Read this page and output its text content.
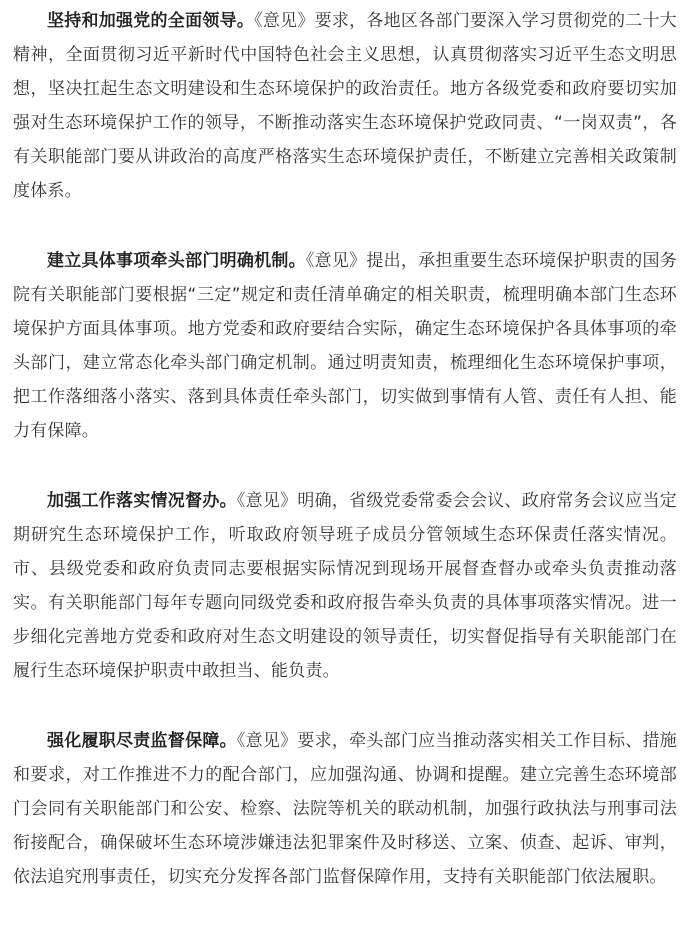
坚持和加强党的全面领导。《意见》要求，各地区各部门要深入学习贯彻党的二十大精神，全面贯彻习近平新时代中国特色社会主义思想，认真贯彻落实习近平生态文明思想，坚决扛起生态文明建设和生态环境保护的政治责任。地方各级党委和政府要切实加强对生态环境保护工作的领导，不断推动落实生态环境保护党政同责、“一岗双责”，各有关职能部门要从讲政治的高度严格落实生态环境保护责任，不断建立完善相关政策制度体系。

建立具体事项牵头部门明确机制。《意见》提出，承担重要生态环境保护职责的国务院有关职能部门要根据“三定”规定和责任清单确定的相关职责，梳理明确本部门生态环境保护方面具体事项。地方党委和政府要结合实际，确定生态环境保护各具体事项的牵头部门，建立常态化牵头部门确定机制。通过明责知责，梳理细化生态环境保护事项，把工作落细落小落实、落到具体责任牵头部门，切实做到事情有人管、责任有人担、能力有保障。

加强工作落实情况督办。《意见》明确，省级党委常委会会议、政府常务会议应当定期研究生态环境保护工作，听取政府领导班子成员分管领域生态环保责任落实情况。市、县级党委和政府负责同志要根据实际情况到现场开展督查督办或牵头负责推动落实。有关职能部门每年专题向同级党委和政府报告牵头负责的具体事项落实情况。进一步细化完善地方党委和政府对生态文明建设的领导责任，切实督促指导有关职能部门在履行生态环境保护职责中敢担当、能负责。

强化履职尽责监督保障。《意见》要求，牵头部门应当推动落实相关工作目标、措施和要求，对工作推进不力的配合部门，应加强沟通、协调和提醒。建立完善生态环境部门会同有关职能部门和公安、检察、法院等机关的联动机制，加强行政执法与刑事司法衔接配合，确保破坏生态环境涉嫌违法犯罪案件及时移送、立案、侦查、起诉、审判，依法追究刑事责任，切实充分发挥各部门监督保障作用，支持有关职能部门依法履职。
